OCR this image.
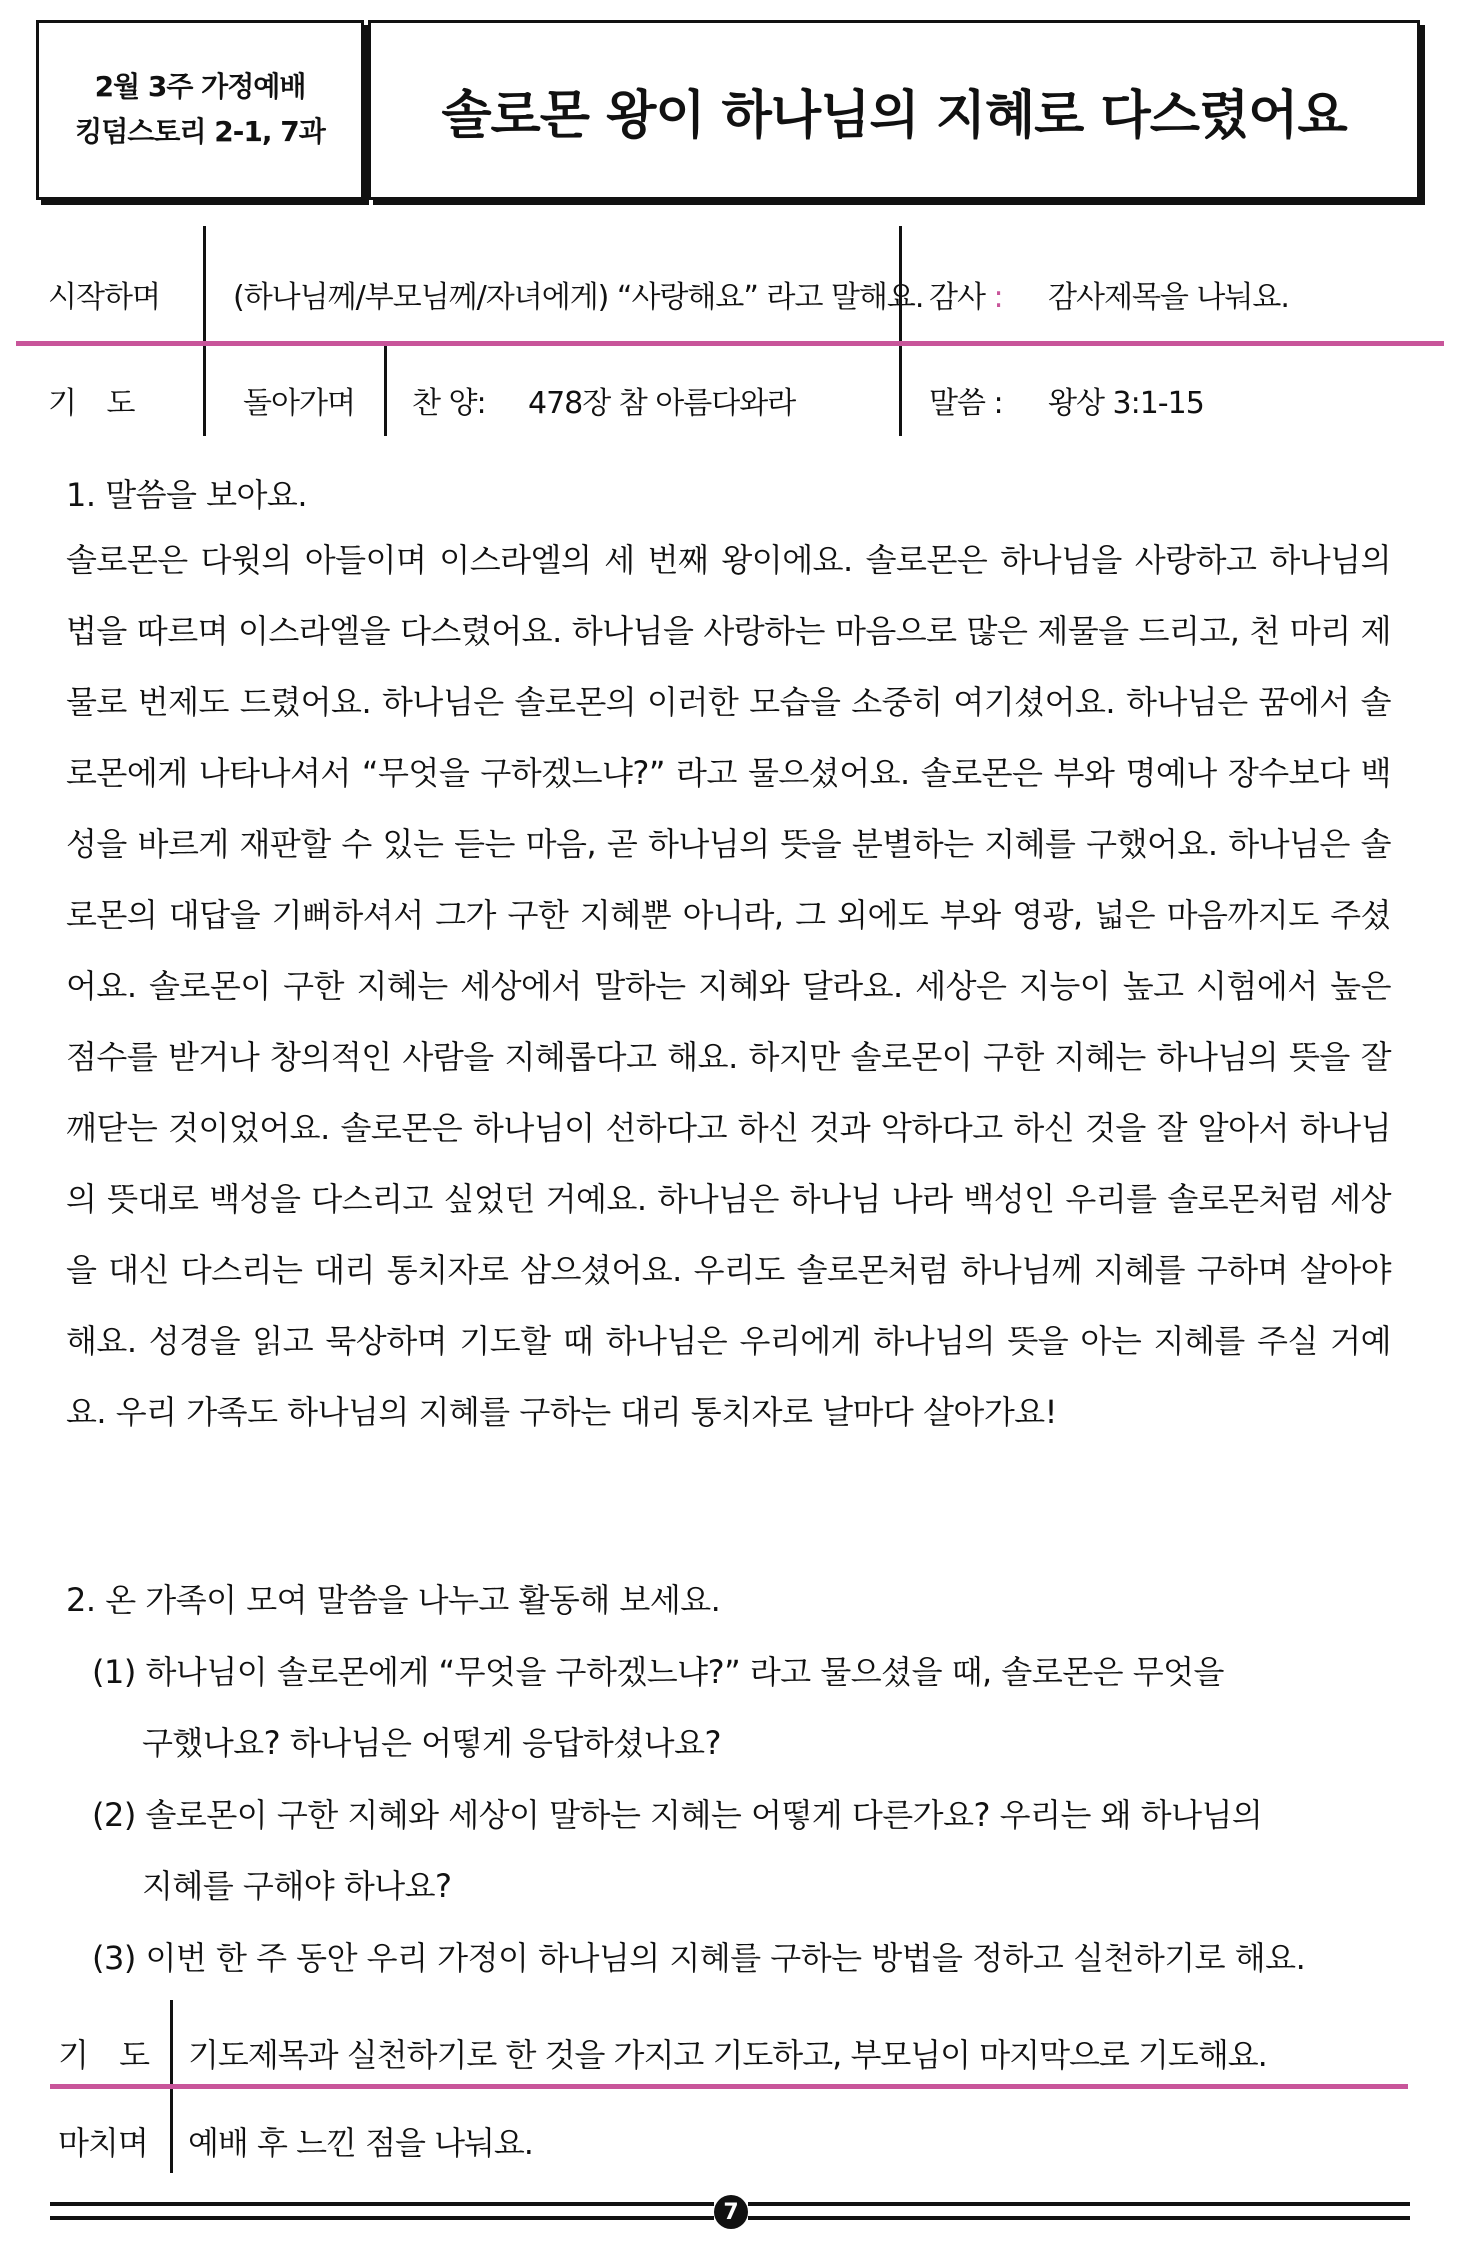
2월 3주 가정예배
킹덤스토리 2-1, 7과 솔로몬 왕이 하나님의 지혜로 다스렸어요
시작하며 (하나님께/부모님께/자녀에게) “사랑해요” 라고 말해요. 감사 : 감사제목을 나눠요.
기 도	돌아가며 찬 양: 478장 참 아름다와라	말씀 : 왕상 3:1-15
1. 말씀을 보아요.
솔로몬은 다윗의 아들이며 이스라엘의 세 번째 왕이에요. 솔로몬은 하나님을 사랑하고 하나님의 법을 따르며 이스라엘을 다스렸어요. 하나님을 사랑하는 마음으로 많은 제물을 드리고, 천 마리 제물로 번제도 드렸어요. 하나님은 솔로몬의 이러한 모습을 소중히 여기셨어요. 하나님은 꿈에서 솔로몬에게 나타나셔서 “무엇을 구하겠느냐?” 라고 물으셨어요. 솔로몬은 부와 명예나 장수보다 백성을 바르게 재판할 수 있는 듣는 마음, 곧 하나님의 뜻을 분별하는 지혜를 구했어요. 하나님은 솔로몬의 대답을 기뻐하셔서 그가 구한 지혜뿐 아니라, 그 외에도 부와 영광, 넓은 마음까지도 주셨어요. 솔로몬이 구한 지혜는 세상에서 말하는 지혜와 달라요. 세상은 지능이 높고 시험에서 높은 점수를 받거나 창의적인 사람을 지혜롭다고 해요. 하지만 솔로몬이 구한 지혜는 하나님의 뜻을 잘 깨닫는 것이었어요. 솔로몬은 하나님이 선하다고 하신 것과 악하다고 하신 것을 잘 알아서 하나님의 뜻대로 백성을 다스리고 싶었던 거예요. 하나님은 하나님 나라 백성인 우리를 솔로몬처럼 세상을 대신 다스리는 대리 통치자로 삼으셨어요. 우리도 솔로몬처럼 하나님께 지혜를 구하며 살아야 해요. 성경을 읽고 묵상하며 기도할 때 하나님은 우리에게 하나님의 뜻을 아는 지혜를 주실 거예요. 우리 가족도 하나님의 지혜를 구하는 대리 통치자로 날마다 살아가요!
2. 온 가족이 모여 말씀을 나누고 활동해 보세요.
(1) 하나님이 솔로몬에게 “무엇을 구하겠느냐?” 라고 물으셨을 때, 솔로몬은 무엇을
구했나요? 하나님은 어떻게 응답하셨나요?
(2) 솔로몬이 구한 지혜와 세상이 말하는 지혜는 어떻게 다른가요? 우리는 왜 하나님의
지혜를 구해야 하나요?
(3) 이번 한 주 동안 우리 가정이 하나님의 지혜를 구하는 방법을 정하고 실천하기로 해요.
기 도 기도제목과 실천하기로 한 것을 가지고 기도하고, 부모님이 마지막으로 기도해요.
마치며 예배 후 느낀 점을 나눠요.
7
